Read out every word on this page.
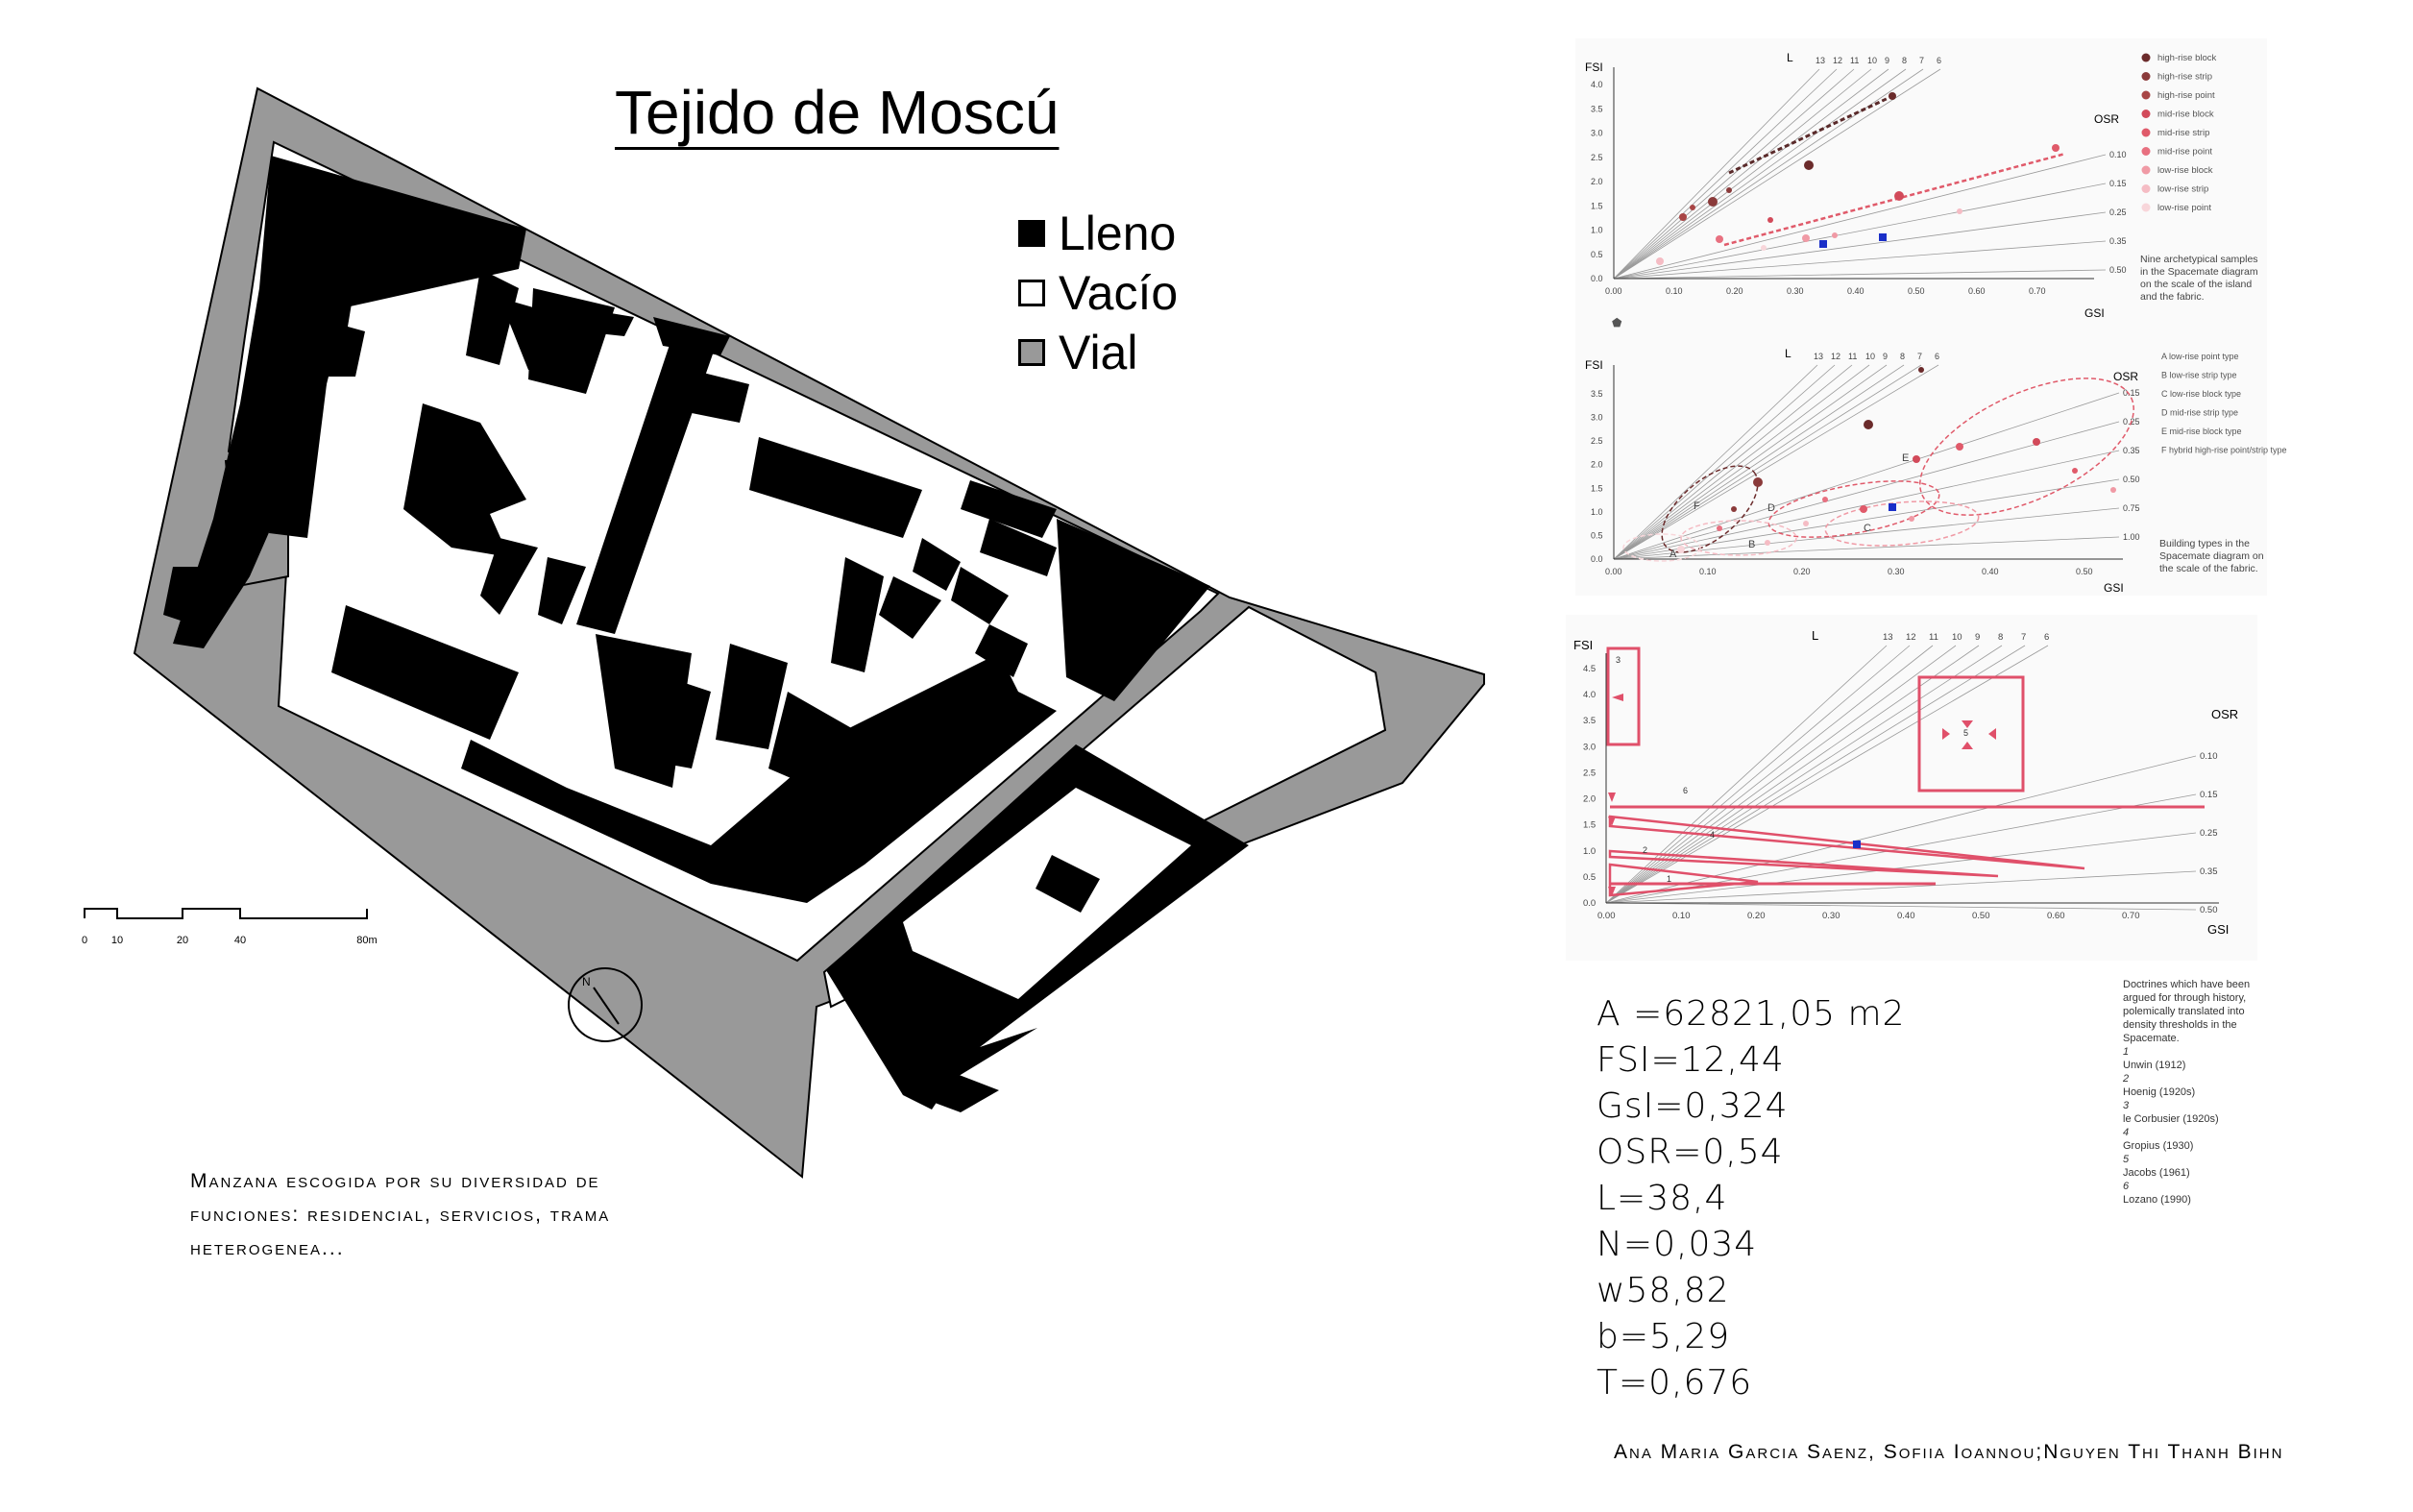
Tejido de Moscú
Lleno
Vacío
Vial
0 10	20	40	80m
N
Manzana escogida por su diversidad de funciones: residencial, servicios, trama heterogenea...
0.0
0.5
1.0
1.5
2.0
2.5
3.0
3.5
4.0
0.00	0.10	0.20	0.30	0.40	0.50	0.60	0.70
FSI
GSI
L
OSR
13 12 11 10 9 8 7 6
0.10
0.15
0.25
0.35
0.50
high-rise block
high-rise strip
high-rise point
mid-rise block
mid-rise strip
mid-rise point
low-rise block
low-rise strip
low-rise point
Nine archetypical samples in the Spacemate diagram on the scale of the island and the fabric.
⬟
0.0
0.5
1.0
1.5
2.0
2.5
3.0
3.5
0.00	0.10	0.20	0.30	0.40	0.50
FSI
GSI
L
OSR
13 12 11 10 9 8 7 6
0.15
0.25
0.35
0.50
0.75
1.00
A
B
C
D
E
F
A low-rise point type
B low-rise strip type
C low-rise block type
D mid-rise strip type
E mid-rise block type
F hybrid high-rise point/strip type
Building types in the Spacemate diagram on the scale of the fabric.
0.0
0.5
1.0
1.5
2.0
2.5
3.0
3.5
4.0
4.5
0.00	0.10	0.20	0.30	0.40	0.50	0.60	0.70
FSI
GSI
L
OSR
13 12 11 10 9 8 7 6
0.10
0.15
0.25
0.35
0.50
1
2
3
4
5
6
A =62821,05 m2
FSI=12,44
GsI=0,324
OSR=0,54
L=38,4
N=0,034
w58,82
b=5,29
T=0,676
Doctrines which have been argued for through history, polemically translated into density thresholds in the Spacemate.
1
Unwin (1912)
2
Hoenig (1920s)
3
le Corbusier (1920s)
4
Gropius (1930)
5
Jacobs (1961)
6
Lozano (1990)
Ana Maria Garcia Saenz, Sofiia Ioannou;Nguyen Thi Thanh Bihn
